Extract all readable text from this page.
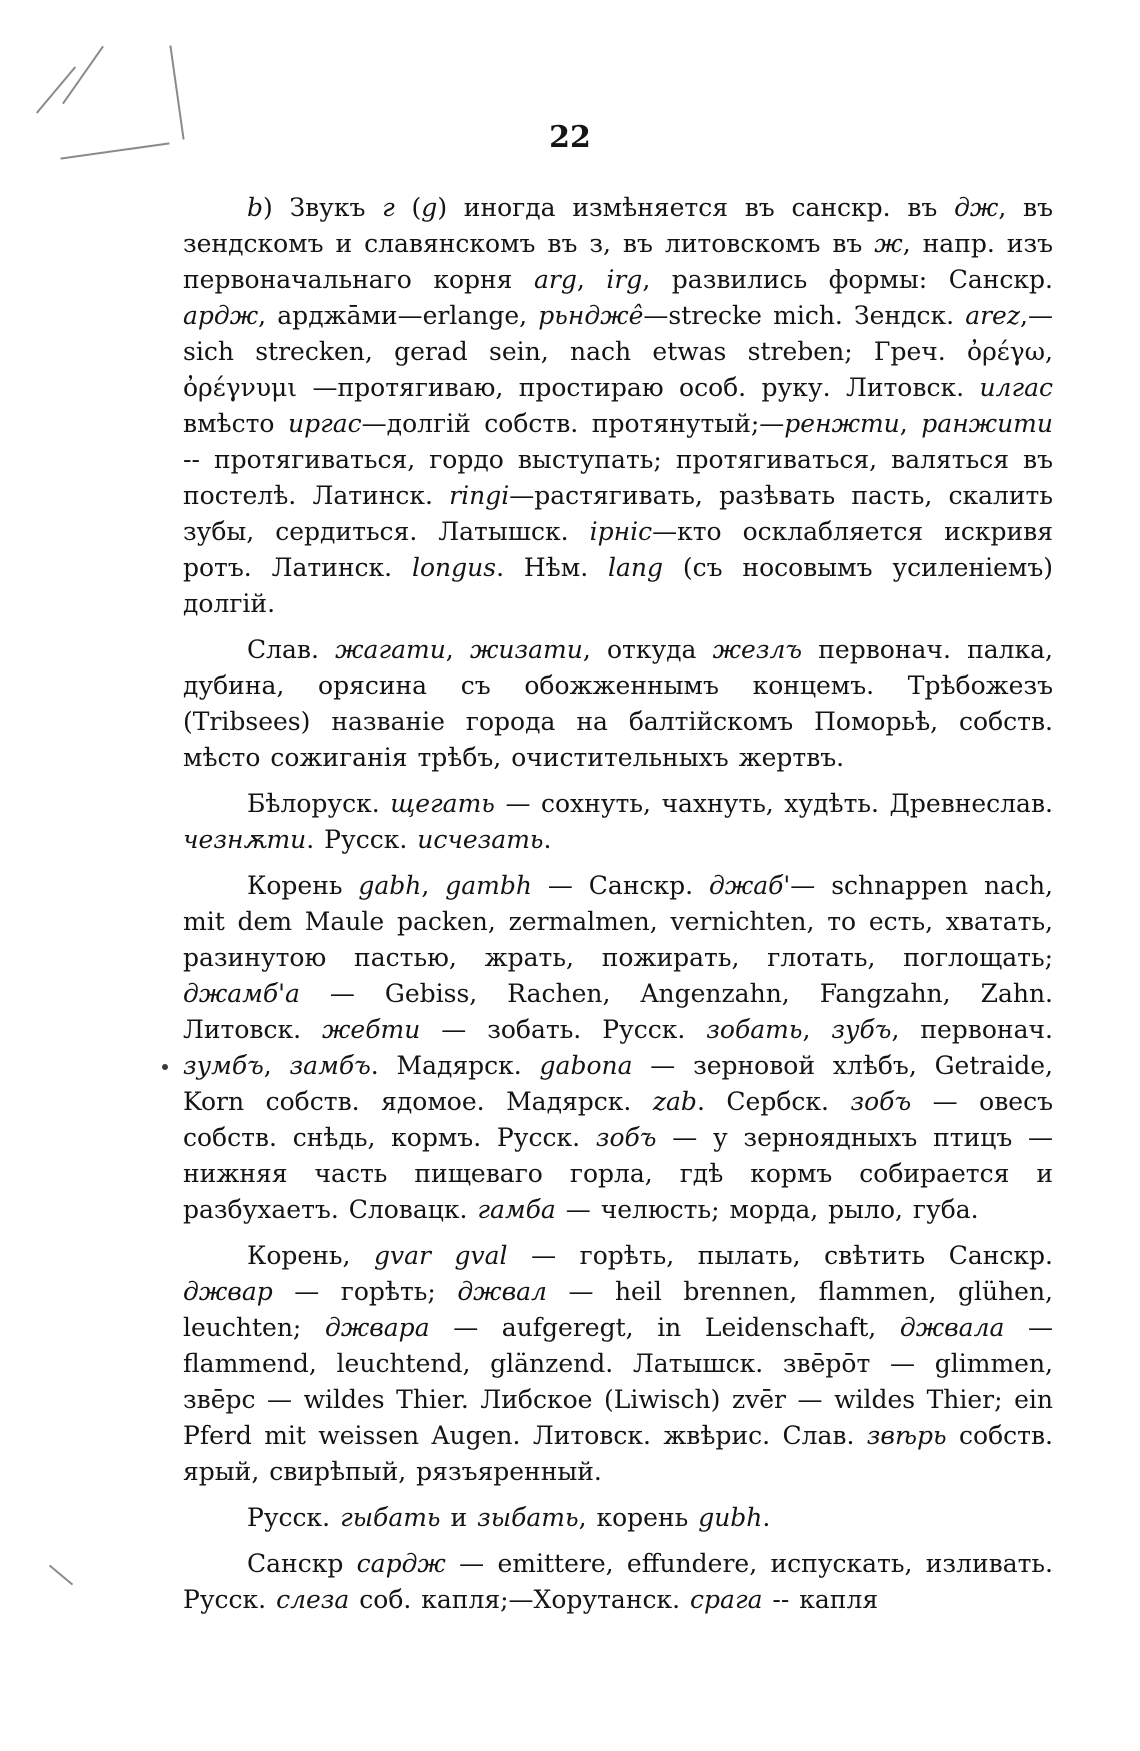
22

b) Звукъ г (g) иногда измѣняется въ санскр. въ дж, въ зендскомъ и славянскомъ въ з, въ литовскомъ въ ж, напр. изъ первоначальнаго корня arg, irg, развились формы: Санскр. ардж, арджāми—erlange, рьнджê—strecke mich. Зендск. arez,—sich strecken, gerad sein, nach etwas streben; Греч. ὀρέγω, ὀρέγνυμι —протягиваю, простираю особ. руку. Литовск. илгас вмѣсто иргас—долгій собств. протянутый;—ренжти, ранжити -- протягиваться, гордо выступать; протягиваться, валяться въ постелѣ. Латинск. ringi—растягивать, разѣвать пасть, скалить зубы, сердиться. Латышск. ірніс—кто осклабляется искривя ротъ. Латинск. longus. Нѣм. lang (съ носовымъ усиленіемъ) долгій.

Слав. жагати, жизати, откуда жезлъ первонач. палка, дубина, орясина съ обожженнымъ концемъ. Трѣбожезъ (Tribsees) названіе города на балтійскомъ Поморьѣ, собств. мѣсто сожиганія трѣбъ, очистительныхъ жертвъ.

Бѣлоруск. щегать — сохнуть, чахнуть, худѣть. Древнеслав. чезнѫти. Русск. исчезать.

Корень gabh, gambh — Санскр. джаб'— schnappen nach, mit dem Maule packen, zermalmen, vernichten, то есть, хватать, разинутою пастью, жрать, пожирать, глотать, поглощать; джамб'а — Gebiss, Rachen, Angenzahn, Fangzahn, Zahn. Литовск. жебти — зобать. Русск. зобать, зубъ, первонач. зумбъ, замбъ. Мадярск. gabona — зерновой хлѣбъ, Getraide, Korn собств. ядомое. Мадярск. zab. Сербск. зобъ — овесъ собств. снѣдь, кормъ. Русск. зобъ — у зерноядныхъ птицъ — нижняя часть пищеваго горла, гдѣ кормъ собирается и разбухаетъ. Словацк. гамба — челюсть; морда, рыло, губа.

Корень, gvar gval — горѣть, пылать, свѣтить Санскр. джвар — горѣть; джвал — heil brennen, flammen, glühen, leuchten; джвара — aufgeregt, in Leidenschaft, джвала — flammend, leuchtend, glänzend. Латышск. звēрōт — glimmen, звēрс — wildes Thier. Либское (Liwisch) zvēr — wildes Thier; ein Pferd mit weissen Augen. Литовск. жвѣрис. Слав. звѣрь собств. ярый, свирѣпый, рязъяренный.

Русск. гыбать и зыбать, корень gubh.

Санскр сардж — emittere, effundere, испускать, изливать. Русск. слеза соб. капля;—Хорутанск. срага -- капля
